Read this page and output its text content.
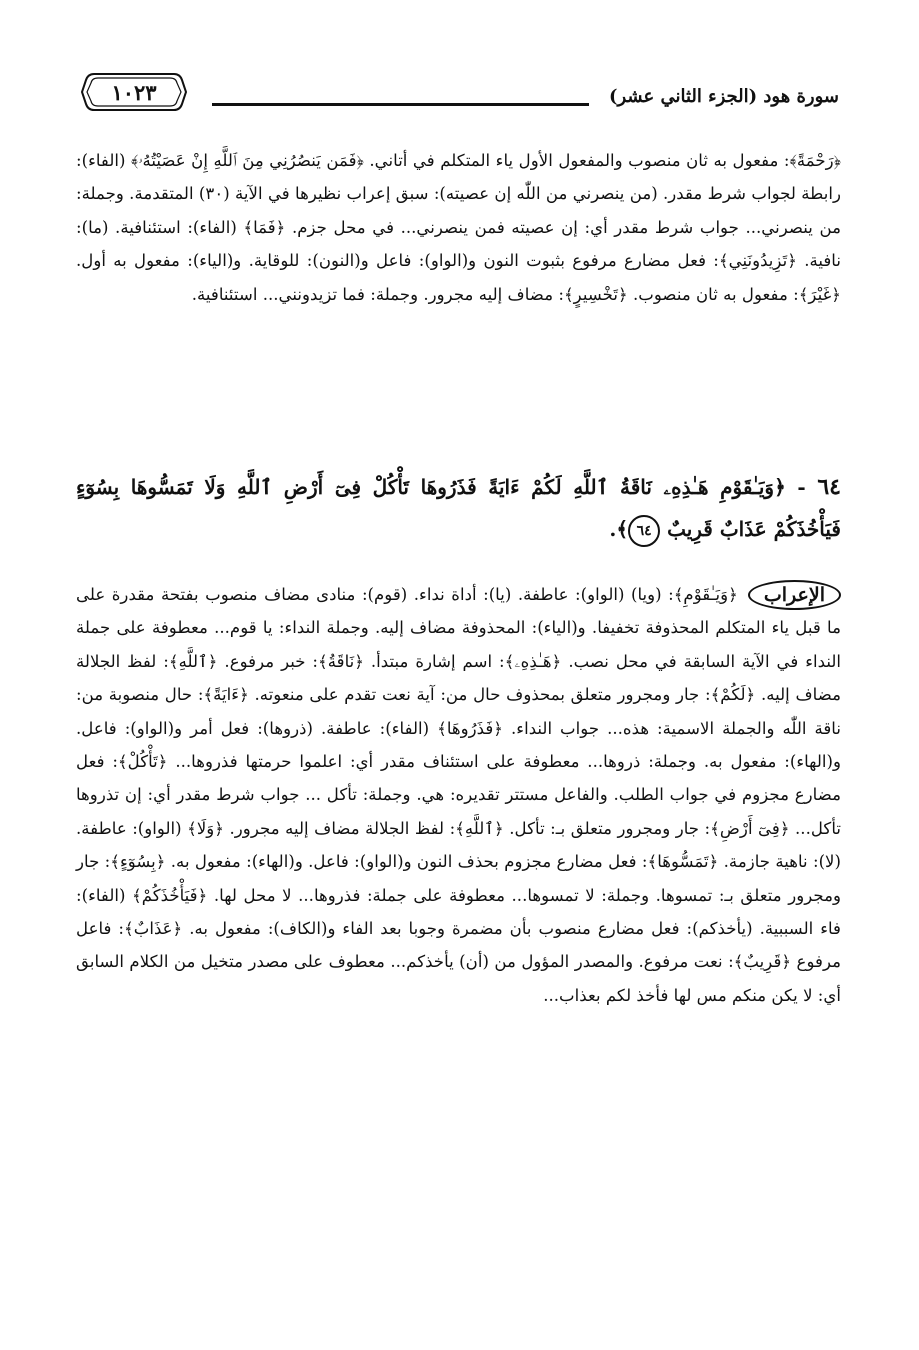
سورة هود (الجزء الثاني عشر)
١٠٢٣
﴿رَحْمَةً﴾: مفعول به ثان منصوب والمفعول الأول ياء المتكلم في أتاني. ﴿فَمَن يَنصُرُنِي مِنَ ٱللَّهِ إِنْ عَصَيْتُهُۥ﴾ (الفاء): رابطة لجواب شرط مقدر. (من ينصرني من اللّٰه إن عصيته): سبق إعراب نظيرها في الآية (٣٠) المتقدمة. وجملة: من ينصرني... جواب شرط مقدر أي: إن عصيته فمن ينصرني... في محل جزم. ﴿فَمَا﴾ (الفاء): استئنافية. (ما): نافية. ﴿تَزِيدُونَنِي﴾: فعل مضارع مرفوع بثبوت النون و(الواو): فاعل و(النون): للوقاية. و(الياء): مفعول به أول. ﴿غَيْرَ﴾: مفعول به ثان منصوب. ﴿تَخْسِيرٍ﴾: مضاف إليه مجرور. وجملة: فما تزيدونني... استئنافية.
٦٤ - ﴿وَيَـٰقَوْمِ هَـٰذِهِۦ نَاقَةُ ٱللَّهِ لَكُمْ ءَايَةً فَذَرُوهَا تَأْكُلْ فِىٓ أَرْضِ ٱللَّهِ وَلَا تَمَسُّوهَا بِسُوٓءٍ فَيَأْخُذَكُمْ عَذَابٌ قَرِيبٌ ٦٤﴾.
الإعراب
﴿وَيَـٰقَوْمِ﴾: (ويا) (الواو): عاطفة. (يا): أداة نداء. (قوم): منادى مضاف منصوب بفتحة مقدرة على ما قبل ياء المتكلم المحذوفة تخفيفا. و(الياء): المحذوفة مضاف إليه. وجملة النداء: يا قوم... معطوفة على جملة النداء في الآية السابقة في محل نصب. ﴿هَـٰذِهِۦ﴾: اسم إشارة مبتدأ. ﴿نَاقَةُ﴾: خبر مرفوع. ﴿ٱللَّهِ﴾: لفظ الجلالة مضاف إليه. ﴿لَكُمْ﴾: جار ومجرور متعلق بمحذوف حال من: آية نعت تقدم على منعوته. ﴿ءَايَةً﴾: حال منصوبة من: ناقة اللّٰه والجملة الاسمية: هذه... جواب النداء. ﴿فَذَرُوهَا﴾ (الفاء): عاطفة. (ذروها): فعل أمر و(الواو): فاعل. و(الهاء): مفعول به. وجملة: ذروها... معطوفة على استئناف مقدر أي: اعلموا حرمتها فذروها... ﴿تَأْكُلْ﴾: فعل مضارع مجزوم في جواب الطلب. والفاعل مستتر تقديره: هي. وجملة: تأكل ... جواب شرط مقدر أي: إن تذروها تأكل... ﴿فِىٓ أَرْضِ﴾: جار ومجرور متعلق بـ: تأكل. ﴿ٱللَّهِ﴾: لفظ الجلالة مضاف إليه مجرور. ﴿وَلَا﴾ (الواو): عاطفة. (لا): ناهية جازمة. ﴿تَمَسُّوهَا﴾: فعل مضارع مجزوم بحذف النون و(الواو): فاعل. و(الهاء): مفعول به. ﴿بِسُوٓءٍ﴾: جار ومجرور متعلق بـ: تمسوها. وجملة: لا تمسوها... معطوفة على جملة: فذروها... لا محل لها. ﴿فَيَأْخُذَكُمْ﴾ (الفاء): فاء السببية. (يأخذكم): فعل مضارع منصوب بأن مضمرة وجوبا بعد الفاء و(الكاف): مفعول به. ﴿عَذَابٌ﴾: فاعل مرفوع ﴿قَرِيبٌ﴾: نعت مرفوع. والمصدر المؤول من (أن) يأخذكم... معطوف على مصدر متخيل من الكلام السابق أي: لا يكن منكم مس لها فأخذ لكم بعذاب...
